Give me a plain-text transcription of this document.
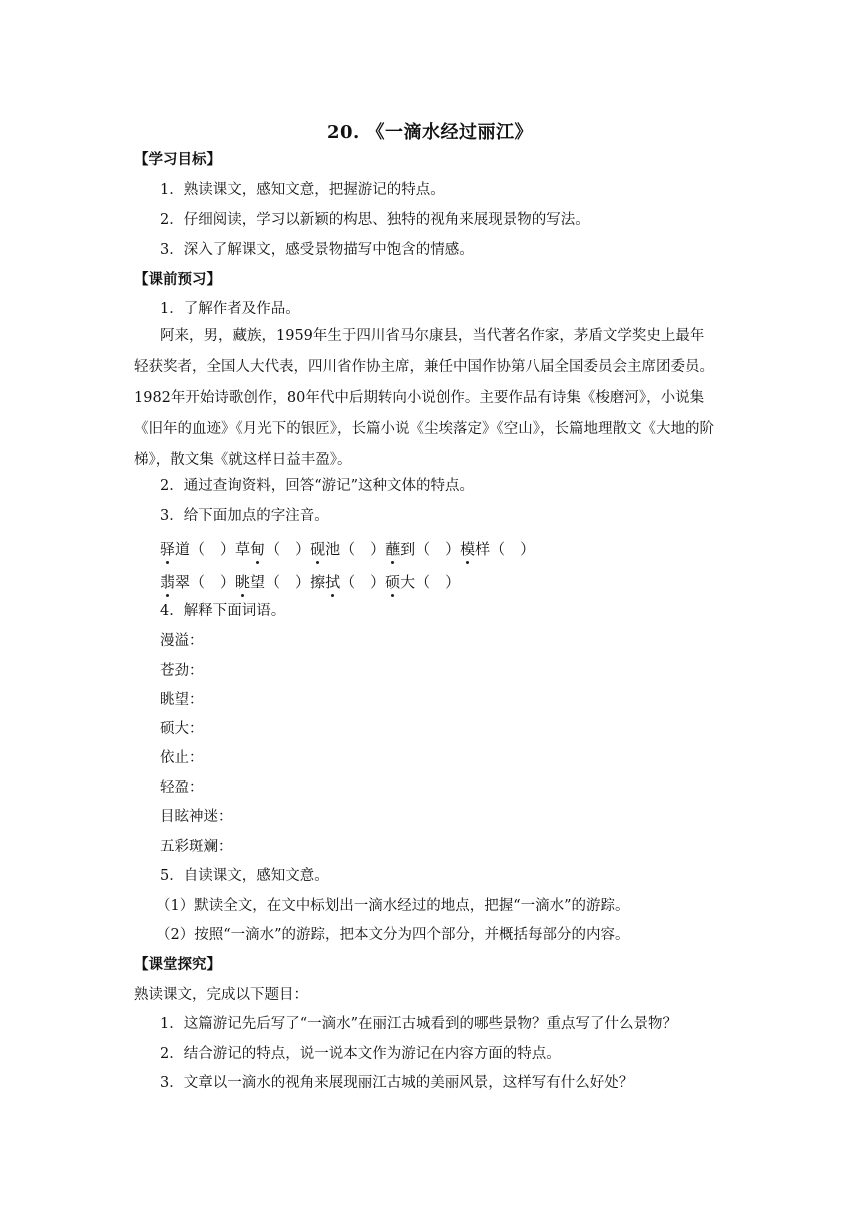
20. 《一滴水经过丽江》
【学习目标】
1．熟读课文，感知文意，把握游记的特点。
2．仔细阅读，学习以新颖的构思、独特的视角来展现景物的写法。
3．深入了解课文，感受景物描写中饱含的情感。
【课前预习】
1．了解作者及作品。
阿来，男，藏族，1959年生于四川省马尔康县，当代著名作家，茅盾文学奖史上最年
轻获奖者，全国人大代表，四川省作协主席，兼任中国作协第八届全国委员会主席团委员。
1982年开始诗歌创作，80年代中后期转向小说创作。主要作品有诗集《梭磨河》，小说集
《旧年的血迹》《月光下的银匠》，长篇小说《尘埃落定》《空山》，长篇地理散文《大地的阶
梯》，散文集《就这样日益丰盈》。
2．通过查询资料，回答“游记”这种文体的特点。
3．给下面加点的字注音。
驿道（　）草甸（　）砚池（　）蘸到（　）模样（　）
翡翠（　）眺望（　）擦拭（　）硕大（　）
4．解释下面词语。
漫溢：
苍劲：
眺望：
硕大：
依止：
轻盈：
目眩神迷：
五彩斑斓：
5．自读课文，感知文意。
（1）默读全文，在文中标划出一滴水经过的地点，把握“一滴水”的游踪。
（2）按照“一滴水”的游踪，把本文分为四个部分，并概括每部分的内容。
【课堂探究】
熟读课文，完成以下题目：
1．这篇游记先后写了“一滴水”在丽江古城看到的哪些景物？重点写了什么景物？
2．结合游记的特点，说一说本文作为游记在内容方面的特点。
3．文章以一滴水的视角来展现丽江古城的美丽风景，这样写有什么好处？
